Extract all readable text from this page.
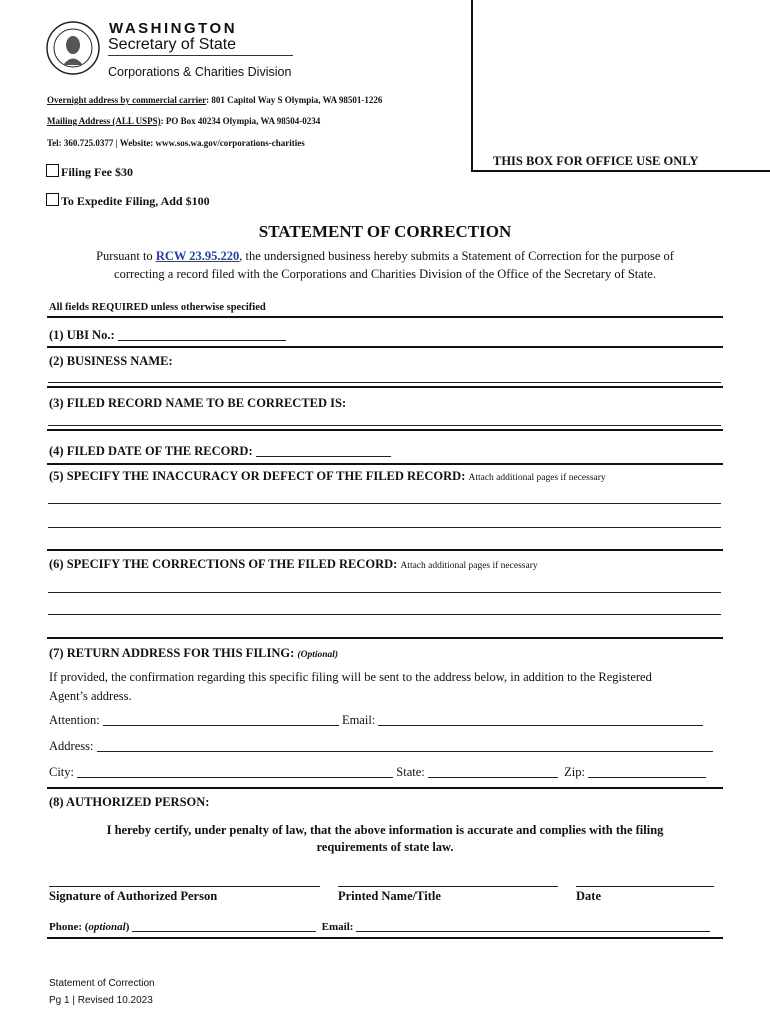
WASHINGTON
Secretary of State
Corporations & Charities Division
Overnight address by commercial carrier: 801 Capitol Way S Olympia, WA 98501-1226
Mailing Address (ALL USPS): PO Box 40234 Olympia, WA 98504-0234
Tel: 360.725.0377 | Website: www.sos.wa.gov/corporations-charities
THIS BOX FOR OFFICE USE ONLY
Filing Fee $30
To Expedite Filing, Add $100
STATEMENT OF CORRECTION
Pursuant to RCW 23.95.220, the undersigned business hereby submits a Statement of Correction for the purpose of
correcting a record filed with the Corporations and Charities Division of the Office of the Secretary of State.
All fields REQUIRED unless otherwise specified
(1) UBI No.:
(2) BUSINESS NAME:
(3) FILED RECORD NAME TO BE CORRECTED IS:
(4) FILED DATE OF THE RECORD:
(5) SPECIFY THE INACCURACY OR DEFECT OF THE FILED RECORD: Attach additional pages if necessary
(6) SPECIFY THE CORRECTIONS OF THE FILED RECORD: Attach additional pages if necessary
(7) RETURN ADDRESS FOR THIS FILING: (Optional)
If provided, the confirmation regarding this specific filing will be sent to the address below, in addition to the Registered
Agent’s address.
Attention:	Email:
Address:
City:	State:	Zip:
(8) AUTHORIZED PERSON:
I hereby certify, under penalty of law, that the above information is accurate and complies with the filing
requirements of state law.
Signature of Authorized Person	Printed Name/Title	Date
Phone: (optional)	Email:
Statement of Correction
Pg 1 | Revised 10.2023
